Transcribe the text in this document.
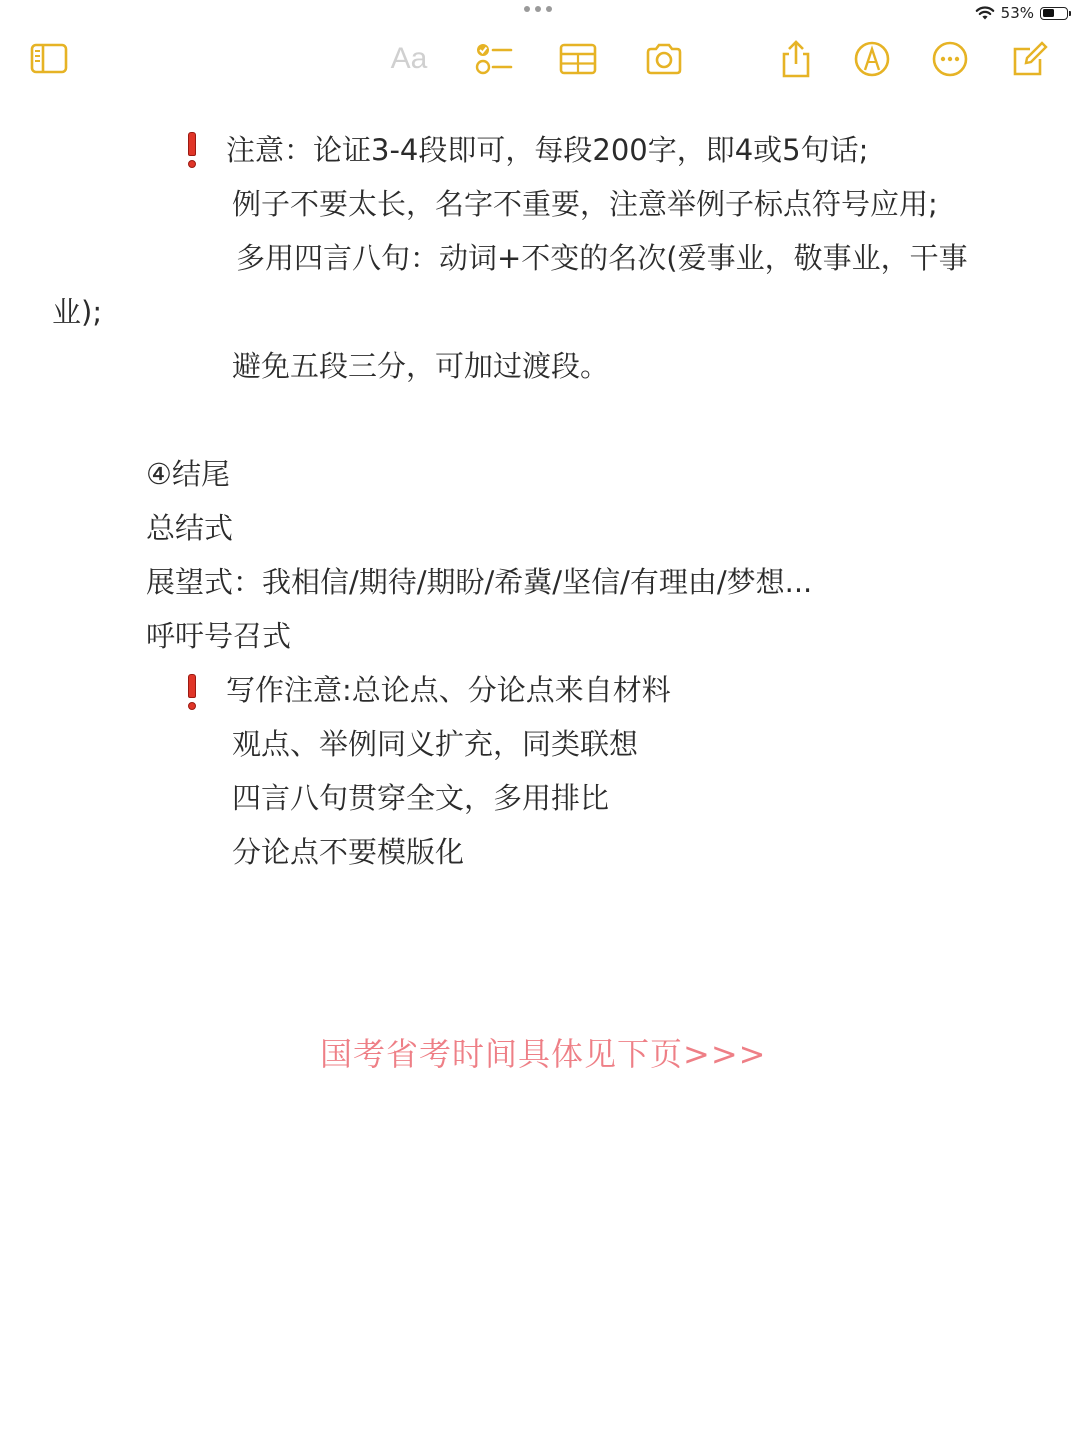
53%
Aa
注意：论证3-4段即可，每段200字，即4或5句话;
例子不要太长，名字不重要，注意举例子标点符号应用;
多用四言八句：动词+不变的名次(爱事业，敬事业，干事
业);
避免五段三分，可加过渡段。
④结尾
总结式
展望式：我相信/期待/期盼/希冀/坚信/有理由/梦想...
呼吁号召式
写作注意:总论点、分论点来自材料
观点、举例同义扩充，同类联想
四言八句贯穿全文，多用排比
分论点不要模版化
国考省考时间具体见下页>>>
